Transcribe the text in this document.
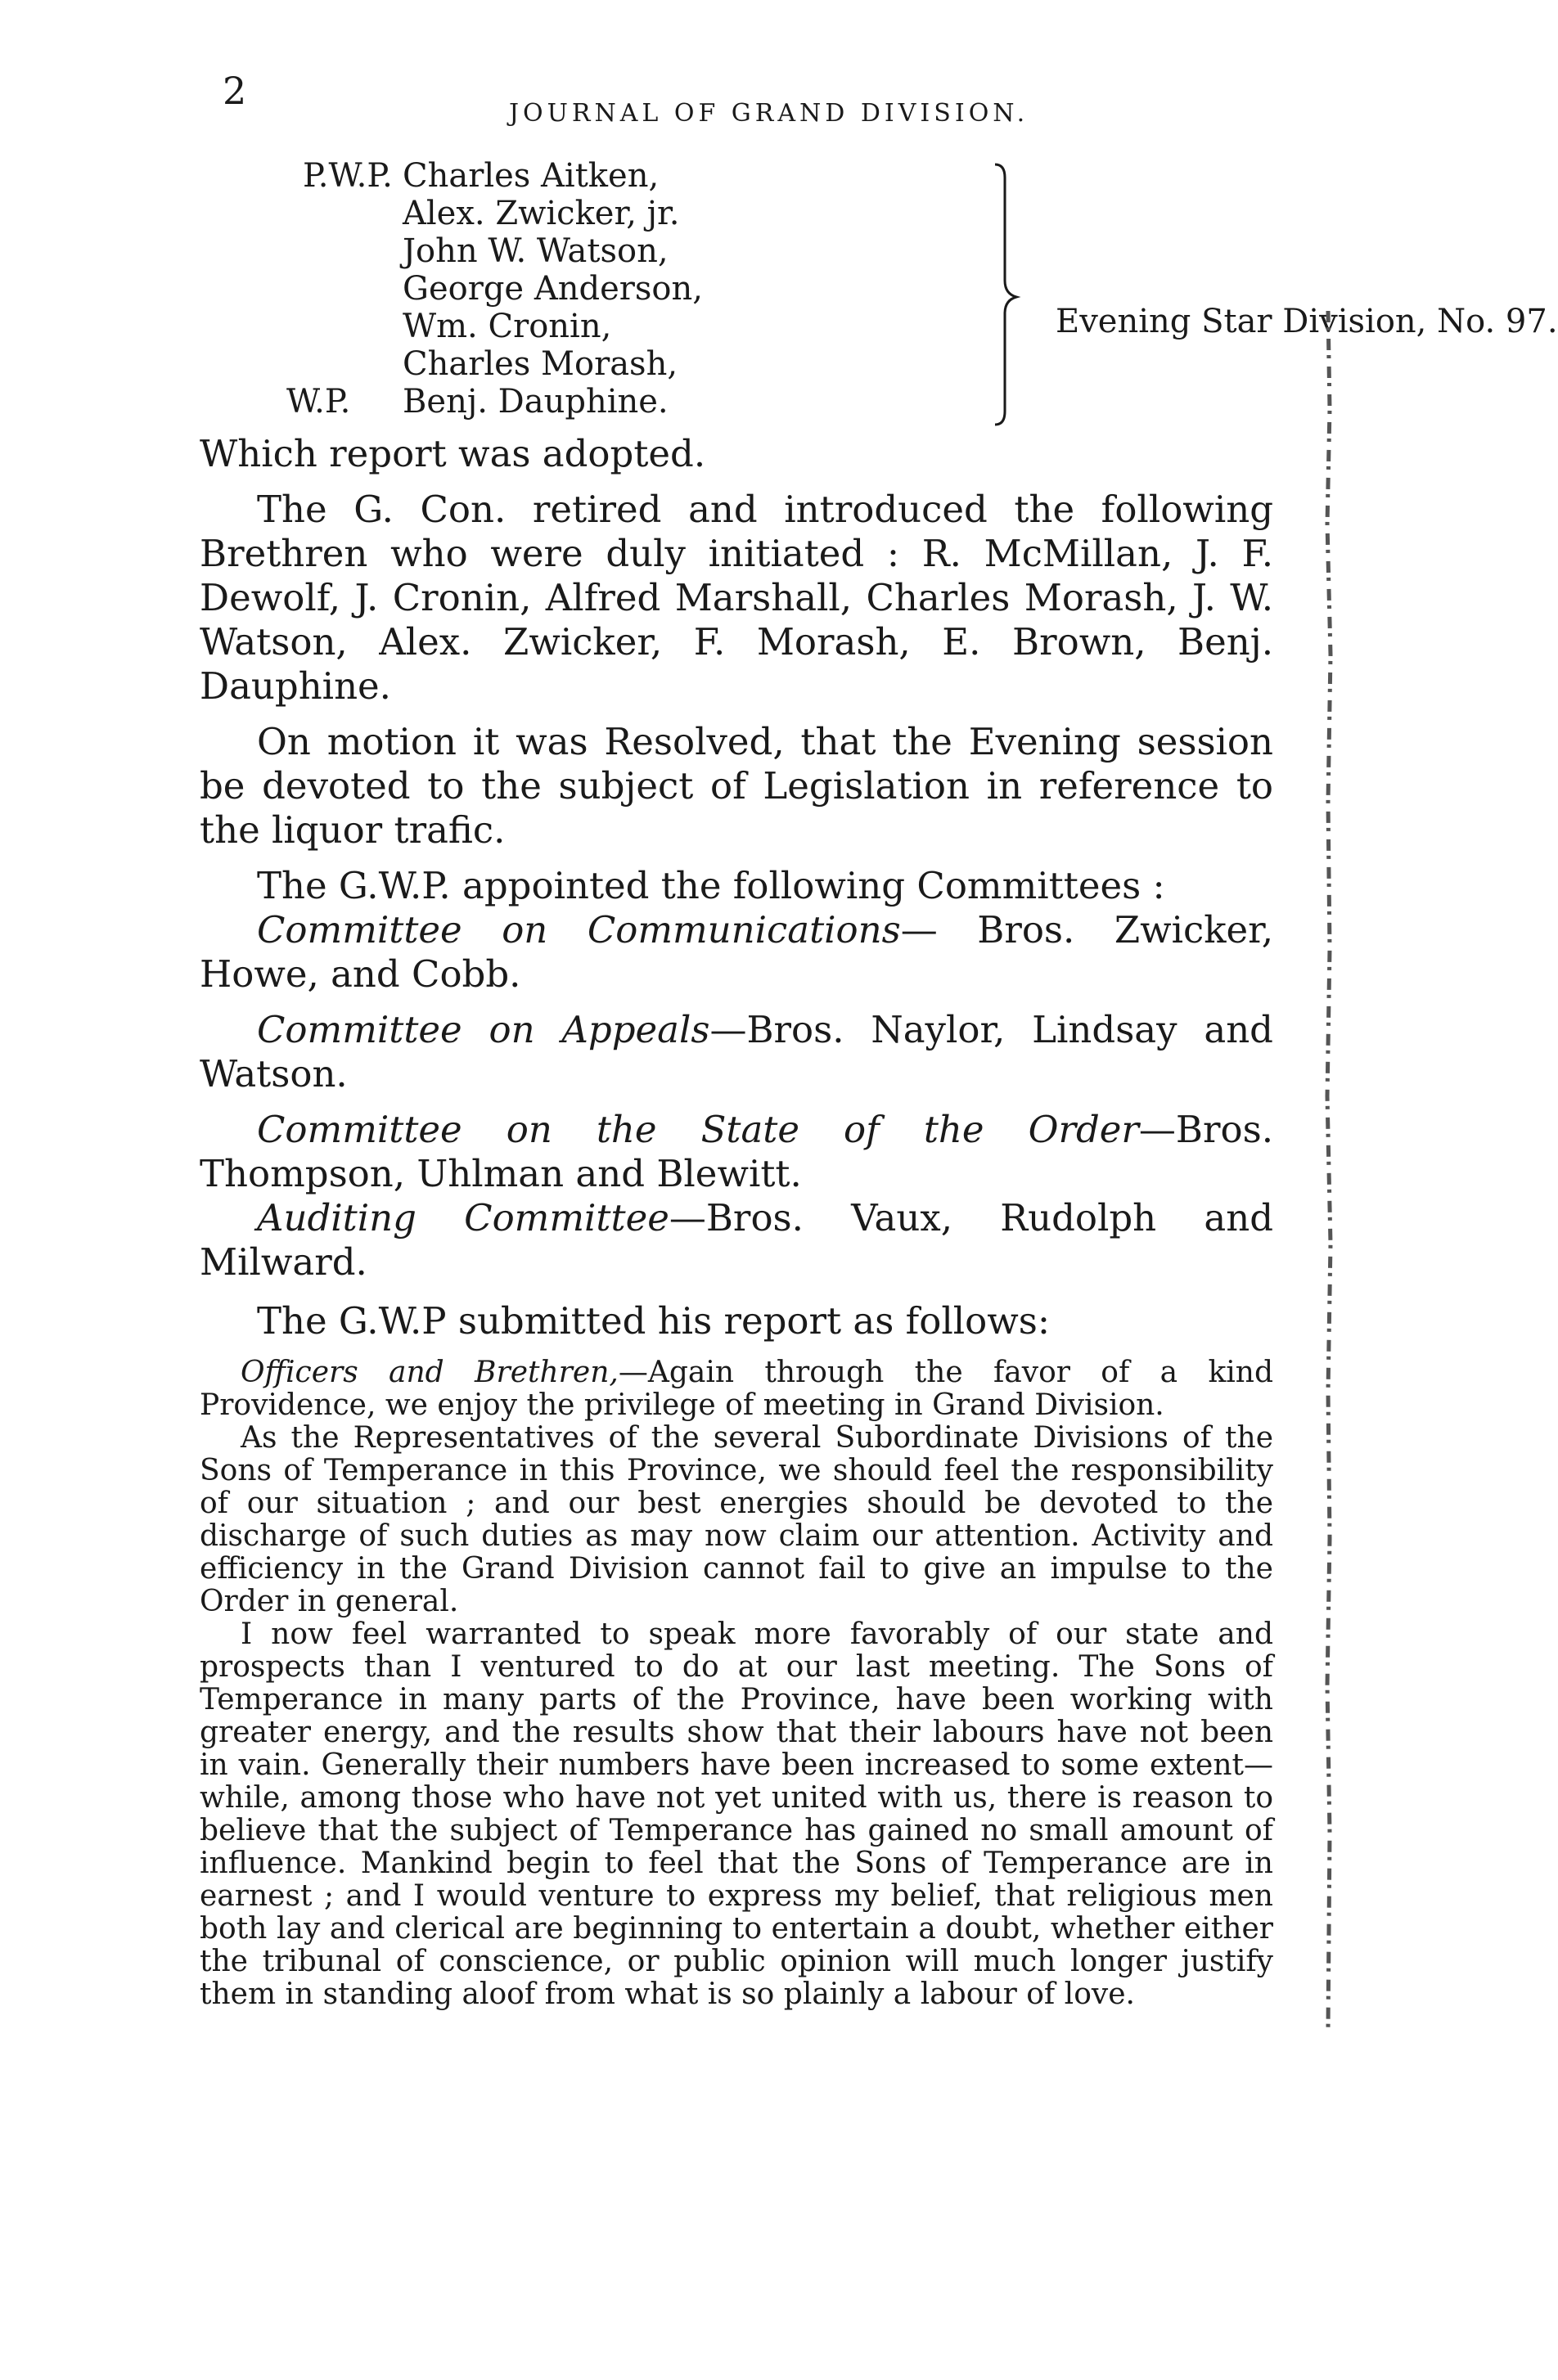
2
JOURNAL OF GRAND DIVISION.
P.W.P. Charles Aitken,
Alex. Zwicker, jr.
John W. Watson,
George Anderson,
Wm. Cronin,
Charles Morash,
W.P. Benj. Dauphine.
Evening Star Division, No. 97.

Which report was adopted.

The G. Con. retired and introduced the following Brethren who were duly initiated : R. McMillan, J. F. Dewolf, J. Cronin, Alfred Marshall, Charles Morash, J. W. Watson, Alex. Zwicker, F. Morash, E. Brown, Benj. Dauphine.

On motion it was Resolved, that the Evening session be devoted to the subject of Legislation in reference to the liquor trafic.

The G.W.P. appointed the following Committees :

Committee on Communications— Bros. Zwicker, Howe, and Cobb.

Committee on Appeals—Bros. Naylor, Lindsay and Watson.

Committee on the State of the Order—Bros. Thompson, Uhlman and Blewitt.

Auditing Committee—Bros. Vaux, Rudolph and Milward.

The G.W.P submitted his report as follows:

Officers and Brethren,—Again through the favor of a kind Providence, we enjoy the privilege of meeting in Grand Division.

As the Representatives of the several Subordinate Divisions of the Sons of Temperance in this Province, we should feel the responsibility of our situation ; and our best energies should be devoted to the discharge of such duties as may now claim our attention. Activity and efficiency in the Grand Division cannot fail to give an impulse to the Order in general.

I now feel warranted to speak more favorably of our state and prospects than I ventured to do at our last meeting. The Sons of Temperance in many parts of the Province, have been working with greater energy, and the results show that their labours have not been in vain. Generally their numbers have been increased to some extent—while, among those who have not yet united with us, there is reason to believe that the subject of Temperance has gained no small amount of influence. Mankind begin to feel that the Sons of Temperance are in earnest ; and I would venture to express my belief, that religious men both lay and clerical are beginning to entertain a doubt, whether either the tribunal of conscience, or public opinion will much longer justify them in standing aloof from what is so plainly a labour of love.
